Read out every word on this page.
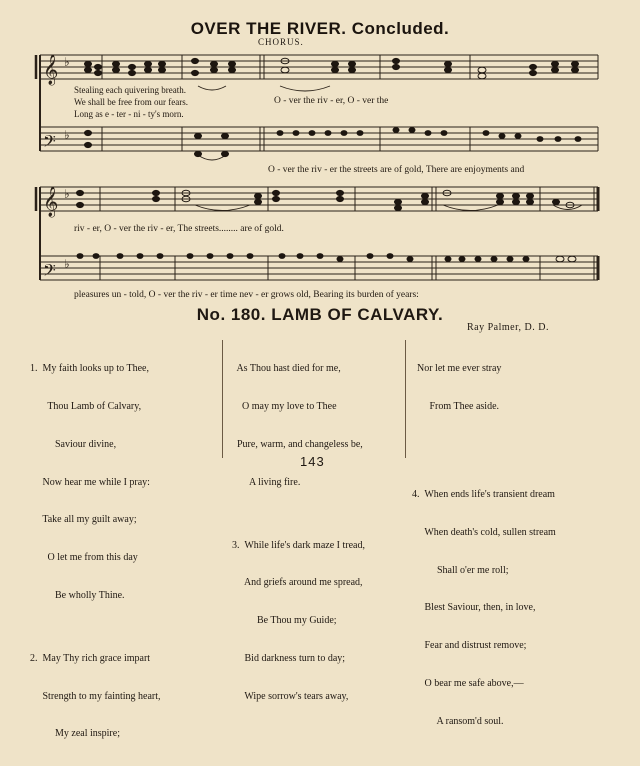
OVER THE RIVER. Concluded.
CHORUS.
𝄞
𝄢
𝄞
𝄢
♭
♭
♭
♭
Stealing each quivering breath.
We shall be free from our fears.
Long as e - ter - ni - ty's morn.
O - ver the riv - er, O - ver the
O - ver the riv - er the streets are of gold, There are enjoyments and
riv - er, O - ver the riv - er, The streets........ are of gold.
pleasures un - told, O - ver the riv - er time nev - er grows old, Bearing its burden of years:
No. 180. LAMB OF CALVARY.
Ray Palmer, D. D.

1.  My faith looks up to Thee,

Thou Lamb of Calvary,

Saviour divine,

Now hear me while I pray:

Take all my guilt away;

O let me from this day

Be wholly Thine.

2.  May Thy rich grace impart

Strength to my fainting heart,

My zeal inspire;

As Thou hast died for me,

O may my love to Thee

Pure, warm, and changeless be,

A living fire.

3.  While life's dark maze I tread,

And griefs around me spread,

Be Thou my Guide;

Bid darkness turn to day;

Wipe sorrow's tears away,

Nor let me ever stray

From Thee aside.

4.  When ends life's transient dream

When death's cold, sullen stream

Shall o'er me roll;

Blest Saviour, then, in love,

Fear and distrust remove;

O bear me safe above,—

A ransom'd soul.

143
